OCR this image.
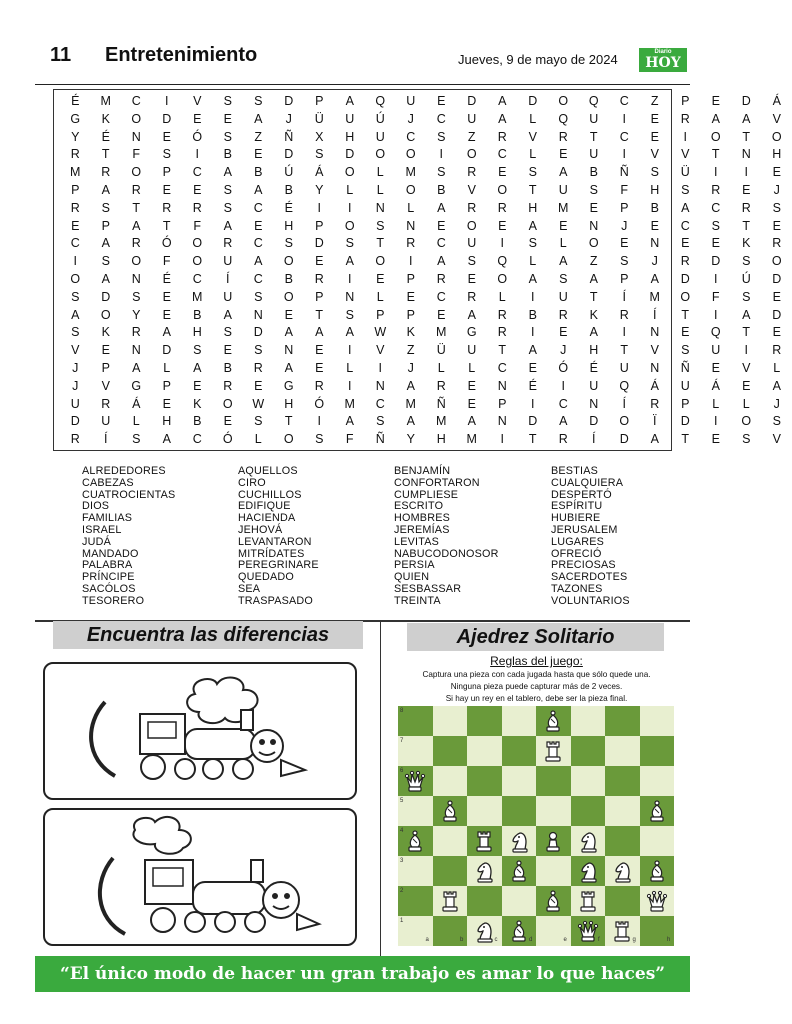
11 Entretenimiento	Jueves, 9 de mayo de 2024	Diario
HOY
É	M	C	I	V	S	S	D	P	A	Q	U	E	D	A	D	O	Q	C	Z	P	E	D	Á
G	K	O	D	E	E	A	J	Ü	U	Ú	J	C	U	A	L	Q	U	I	E	R	A	A	V
Y	É	N	E	Ó	S	Z	Ñ	X	H	U	C	S	Z	R	V	R	T	C	E	I	O	T	O
R	T	F	S	I	B	E	D	S	D	O	O	I	O	C	L	E	U	I	V	V	T	N	H
M	R	O	P	C	A	B	Ú	Á	O	L	M	S	R	E	S	A	B	Ñ	S	Ü	I	I	E
P	A	R	E	E	S	A	B	Y	L	L	O	B	V	O	T	U	S	F	H	S	R	E	J
R	S	T	R	R	S	C	É	I	I	N	L	A	R	R	H	M	E	P	B	A	C	R	S
E	P	A	T	F	A	E	H	P	O	S	N	E	O	E	A	E	N	J	E	C	S	T	E
C	A	R	Ó	O	R	C	S	D	S	T	R	C	U	I	S	L	O	E	N	E	E	K	R
I	S	O	F	O	U	A	O	E	A	O	I	A	S	Q	L	A	Z	S	J	R	D	S	O
O	A	N	É	C	Í	C	B	R	I	E	P	R	E	O	A	S	A	P	A	D	I	Ú	D
S	D	S	E	M	U	S	O	P	N	L	E	C	R	L	I	U	T	Í	M	O	F	S	E
A	O	Y	E	B	A	N	E	T	S	P	P	E	A	R	B	R	K	R	Í	T	I	A	D
S	K	R	A	H	S	D	A	A	A	W	K	M	G	R	I	E	A	I	N	E	Q	T	E
V	E	N	D	S	E	S	N	E	I	V	Z	Ü	U	T	A	J	H	T	V	S	U	I	R
J	P	A	L	A	B	R	A	E	L	I	J	L	L	C	E	Ó	É	U	N	Ñ	E	V	L
J	V	G	P	E	R	E	G	R	I	N	A	R	E	N	É	I	U	Q	Á	U	Á	E	A
U	R	Á	E	K	O	W	H	Ó	M	C	M	Ñ	E	P	I	C	N	Í	R	P	L	L	J
D	U	L	H	B	E	S	T	I	A	S	A	M	A	N	D	A	D	O	Ï	D	I	O	S
R	Í	S	A	C	Ó	L	O	S	F	Ñ	Y	H	M	I	T	R	Í	D	A	T	E	S	V
ALREDEDORES
CABEZAS
CUATROCIENTAS
DIOS
FAMILIAS
ISRAEL
JUDÁ
MANDADO
PALABRA
PRÍNCIPE
SACÓLOS
TESORERO
AQUELLOS
CIRO
CUCHILLOS
EDIFIQUE
HACIENDA
JEHOVÁ
LEVANTARON
MITRÍDATES
PEREGRINARE
QUEDADO
SEA
TRASPASADO
BENJAMÍN
CONFORTARON
CUMPLIESE
ESCRITO
HOMBRES
JEREMÍAS
LEVITAS
NABUCODONOSOR
PERSIA
QUIEN
SESBASSAR
TREINTA
BESTIAS
CUALQUIERA
DESPERTÓ
ESPÍRITU
HUBIERE
JERUSALEM
LUGARES
OFRECIÓ
PRECIOSAS
SACERDOTES
TAZONES
VOLUNTARIOS
Encuentra las diferencias	Ajedrez Solitario
Reglas del juego:
Captura una pieza con cada jugada hasta que sólo quede una.
Ninguna pieza puede capturar más de 2 veces.
Si hay un rey en el tablero, debe ser la pieza final.
8
7
6
5
4
3
2
1
a	b	c	d	e	f	g	h
“El único modo de hacer un gran trabajo es amar lo que haces”
